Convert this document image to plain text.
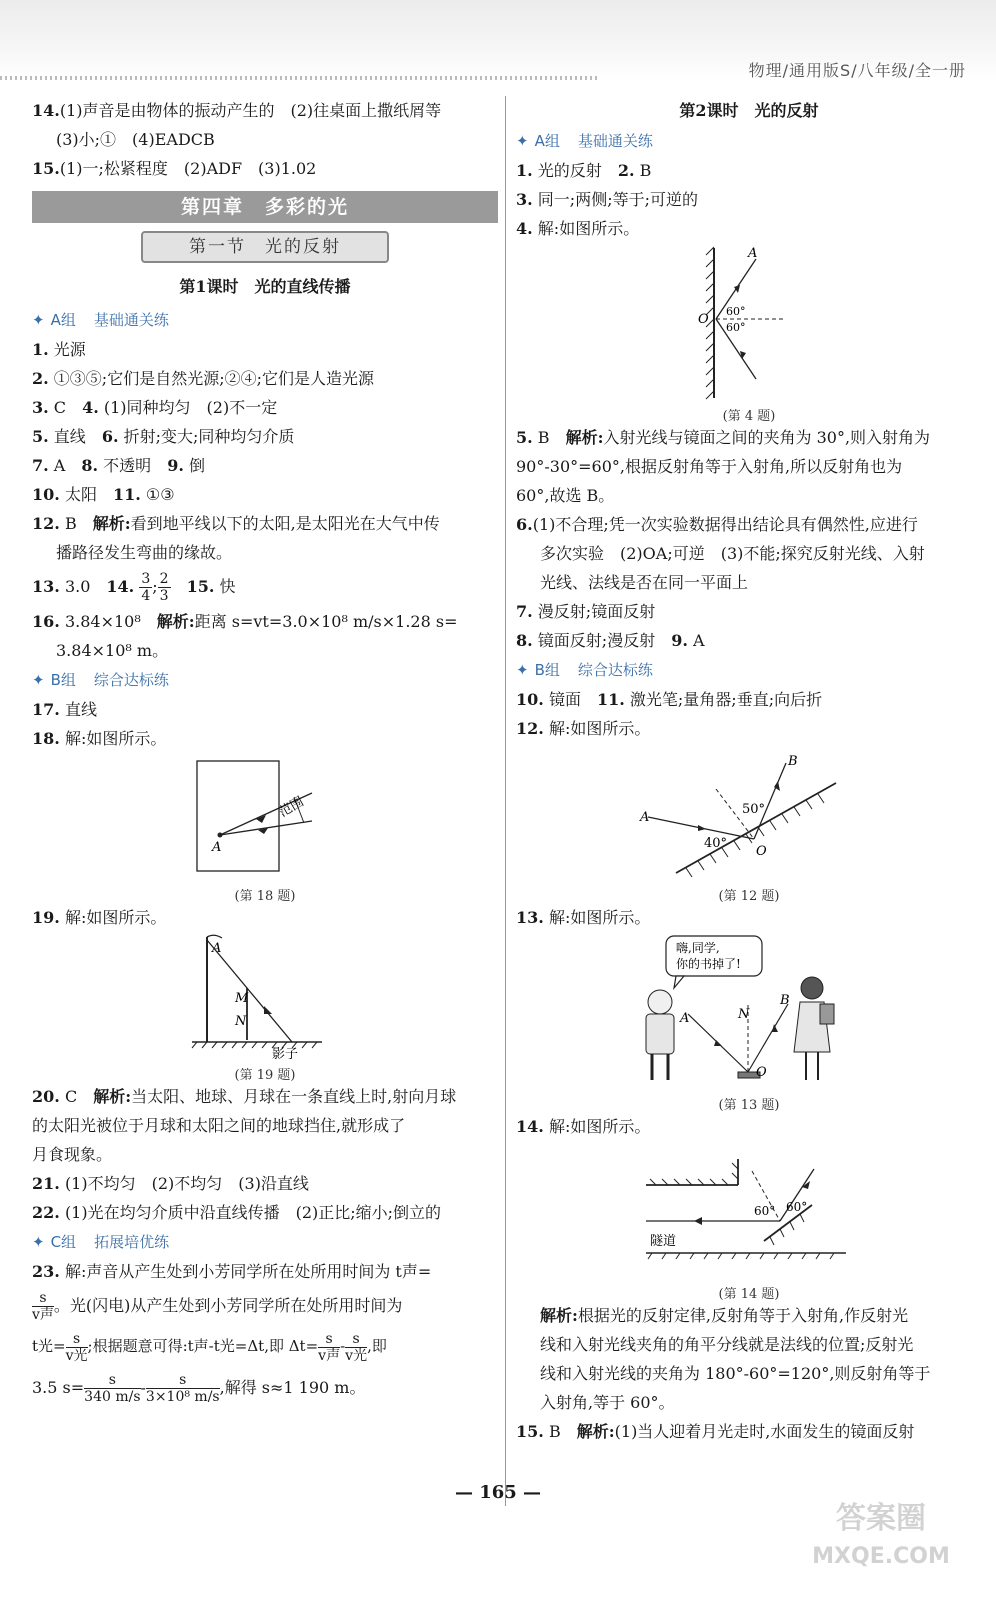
物理/通用版S/八年级/全一册
14.(1)声音是由物体的振动产生的　(2)往桌面上撒纸屑等
(3)小;①　(4)EADCB
15.(1)一;松紧程度　(2)ADF　(3)1.02
第四章　多彩的光
第一节　光的反射
第1课时　光的直线传播
✦ A组 基础通关练
1. 光源
2. ①③⑤;它们是自然光源;②④;它们是人造光源
3. C　 4. (1)同种均匀　(2)不一定
5. 直线　 6. 折射;变大;同种均匀介质
7. A　 8. 不透明　 9. 倒
10. 太阳　 11. ①③
12. B　 解析:看到地平线以下的太阳,是太阳光在大气中传
播路径发生弯曲的缘故。
13. 3.0　 14. $\frac{3}{4}$ ; $\frac{2}{3}$
　 15. 快
16. 3.84×10⁸　 解析:距离 s=vt=3.0×10⁸ m/s×1.28 s=
3.84×10⁸ m。
✦ B组 综合达标练
17. 直线
18. 解:如图所示。
范围
A
(第 18 题)
19. 解:如图所示。
A
M
N
影子
(第 19 题)
20. C　 解析:当太阳、地球、月球在一条直线上时,射向月球
的太阳光被位于月球和太阳之间的地球挡住,就形成了
月食现象。
21. (1)不均匀　(2)不均匀　(3)沿直线
22. (1)光在均匀介质中沿直线传播　(2)正比;缩小;倒立的
✦ C组 拓展培优练
23. 解:声音从产生处到小芳同学所在处所用时间为 t声=
$\frac{s}{\text{v声}}$ 。光(闪电)从产生处到小芳同学所在处所用时间为
t光= $\frac{s}{\text{v光}}$ ;根据题意可得:t声-t光=Δt,即 $\Delta t= \frac{s}{\text{v声}} - \frac{s}{\text{v光}}$ ,即
3.5 $s= \frac{s}{340 m/s} - \frac{s}{\text{3×10⁸ m/s}}$ ,解得 s≈1 190 m。
第2课时　光的反射
✦ A组 基础通关练
1. 光的反射　 2. B
3. 同一;两侧;等于;可逆的
4. 解:如图所示。
A
O
60°
60°
(第 4 题)
5. B　 解析:入射光线与镜面之间的夹角为 30°,则入射角为
90°-30°=60°,根据反射角等于入射角,所以反射角也为
60°,故选 B。
6.(1)不合理;凭一次实验数据得出结论具有偶然性,应进行
多次实验　(2)OA;可逆　(3)不能;探究反射光线、入射
光线、法线是否在同一平面上
7. 漫反射;镜面反射
8. 镜面反射;漫反射　 9. A
✦ B组 综合达标练
10. 镜面　 11. 激光笔;量角器;垂直;向后折
12. 解:如图所示。
A
B
O
50°
40°
(第 12 题)
13. 解:如图所示。
嗨,同学,
你的书掉了!
A
B
N
O
(第 13 题)
14. 解:如图所示。
60° 60°
隧道
(第 14 题)
解析:根据光的反射定律,反射角等于入射角,作反射光
线和入射光线夹角的角平分线就是法线的位置;反射光
线和入射光线的夹角为 180°-60°=120°,则反射角等于
入射角,等于 60°。
15. B　 解析:(1)当人迎着月光走时,水面发生的镜面反射
— 165 —
答案圈
MXQE.COM
